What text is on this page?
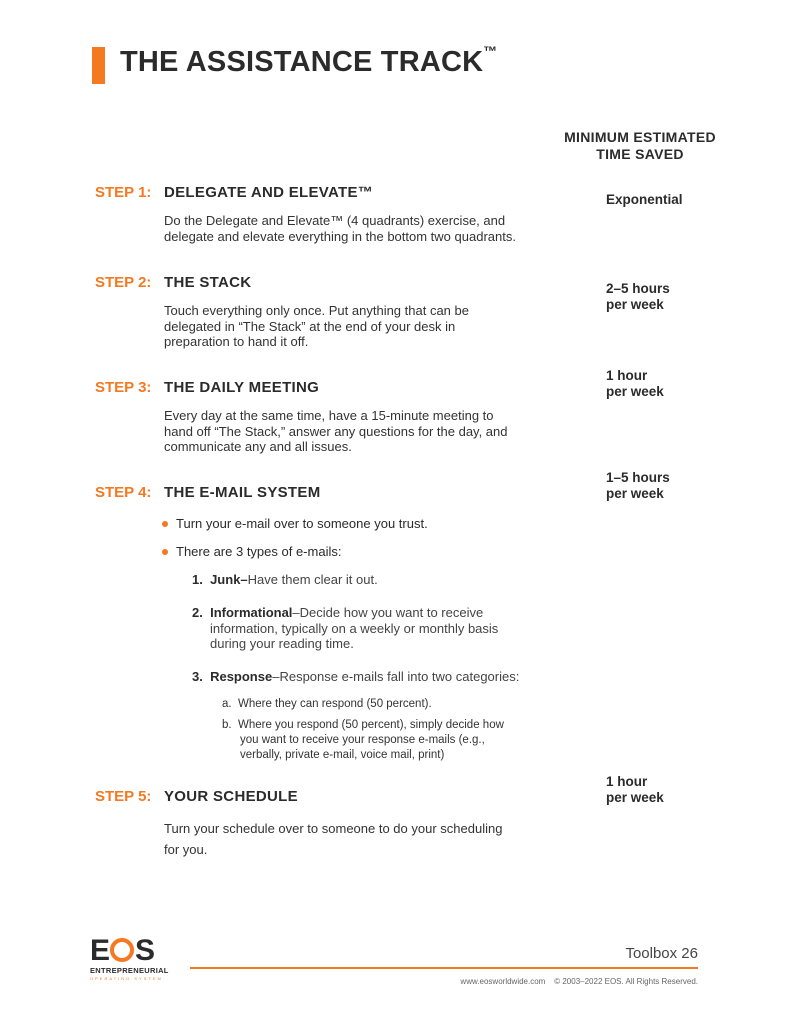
THE ASSISTANCE TRACK™
MINIMUM ESTIMATED
TIME SAVED
STEP 1: DELEGATE AND ELEVATE™
Do the Delegate and Elevate™ (4 quadrants) exercise, and
delegate and elevate everything in the bottom two quadrants.
Exponential
STEP 2: THE STACK
Touch everything only once. Put anything that can be
delegated in “The Stack” at the end of your desk in
preparation to hand it off.
2–5 hours
per week
STEP 3: THE DAILY MEETING
Every day at the same time, have a 15-minute meeting to
hand off “The Stack,” answer any questions for the day, and
communicate any and all issues.
1 hour
per week
STEP 4: THE E-MAIL SYSTEM
1–5 hours
per week
Turn your e-mail over to someone you trust.
There are 3 types of e-mails:
1. Junk–Have them clear it out.
2. Informational–Decide how you want to receive
information, typically on a weekly or monthly basis
during your reading time.
3. Response–Response e-mails fall into two categories:
a. Where they can respond (50 percent).
b. Where you respond (50 percent), simply decide how
you want to receive your response e-mails (e.g.,
verbally, private e-mail, voice mail, print)
STEP 5: YOUR SCHEDULE
Turn your schedule over to someone to do your scheduling
for you.
1 hour
per week
E S
ENTREPRENEURIAL
OPERATING SYSTEM
Toolbox 26
www.eosworldwide.com © 2003–2022 EOS. All Rights Reserved.
